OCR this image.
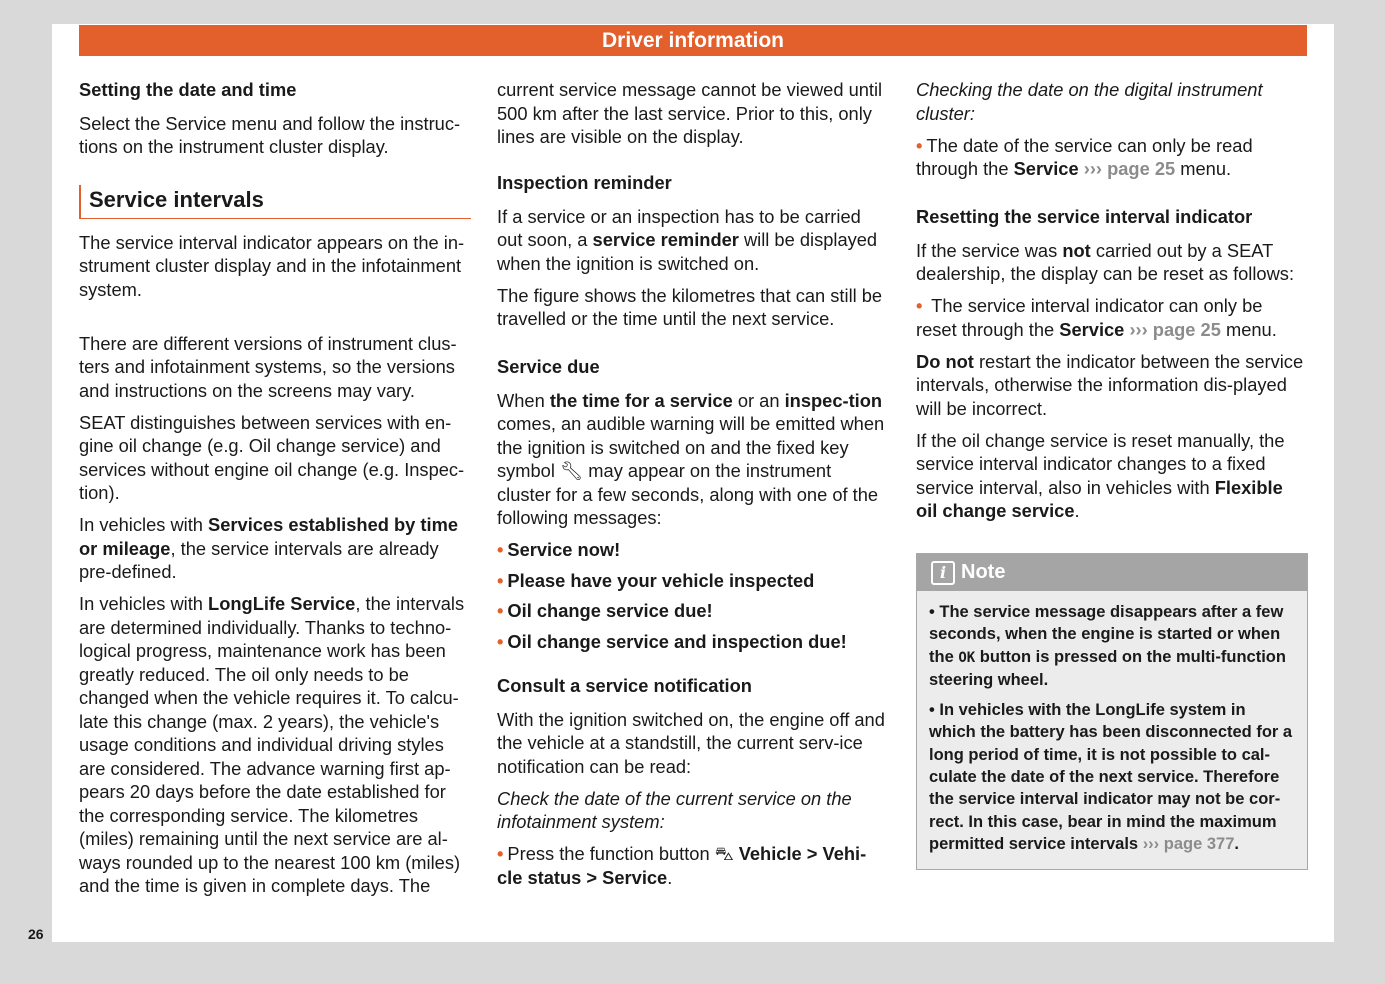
Driver information
Setting the date and time

Select the Service menu and follow the instruc-tions on the instrument cluster display.

Service intervals

The service interval indicator appears on the in-strument cluster display and in the infotainment system.

There are different versions of instrument clus-ters and infotainment systems, so the versions and instructions on the screens may vary.

SEAT distinguishes between services with en-gine oil change (e.g. Oil change service) and services without engine oil change (e.g. Inspec-tion).

In vehicles with Services established by time or mileage, the service intervals are already pre-defined.

In vehicles with LongLife Service, the intervals are determined individually. Thanks to techno-logical progress, maintenance work has been greatly reduced. The oil only needs to be changed when the vehicle requires it. To calcu-late this change (max. 2 years), the vehicle's usage conditions and individual driving styles are considered. The advance warning first ap-pears 20 days before the date established for the corresponding service. The kilometres (miles) remaining until the next service are al-ways rounded up to the nearest 100 km (miles) and the time is given in complete days. The

current service message cannot be viewed until 500 km after the last service. Prior to this, only lines are visible on the display.

Inspection reminder

If a service or an inspection has to be carried out soon, a service reminder will be displayed when the ignition is switched on.

The figure shows the kilometres that can still be travelled or the time until the next service.

Service due

When the time for a service or an inspec-tion comes, an audible warning will be emitted when the ignition is switched on and the fixed key symbol 🔧︎ may appear on the instrument cluster for a few seconds, along with one of the following messages:

• Service now!
• Please have your vehicle inspected
• Oil change service due!
• Oil change service and inspection due!
Consult a service notification

With the ignition switched on, the engine off and the vehicle at a standstill, the current serv-ice notification can be read:

Check the date of the current service on the infotainment system:

• Press the function button ⛍ Vehicle > Vehi-cle status > Service.

Checking the date on the digital instrument cluster:

• The date of the service can only be read through the Service ››› page 25 menu.

Resetting the service interval indicator

If the service was not carried out by a SEAT dealership, the display can be reset as follows:

• The service interval indicator can only be reset through the Service ››› page 25 menu.

Do not restart the indicator between the service intervals, otherwise the information dis-played will be incorrect.

If the oil change service is reset manually, the service interval indicator changes to a fixed service interval, also in vehicles with Flexible oil change service.

i Note

• The service message disappears after a few seconds, when the engine is started or when the OK button is pressed on the multi-function steering wheel.

• In vehicles with the LongLife system in which the battery has been disconnected for a long period of time, it is not possible to cal-culate the date of the next service. Therefore the service interval indicator may not be cor-rect. In this case, bear in mind the maximum permitted service intervals ››› page 377.

26
